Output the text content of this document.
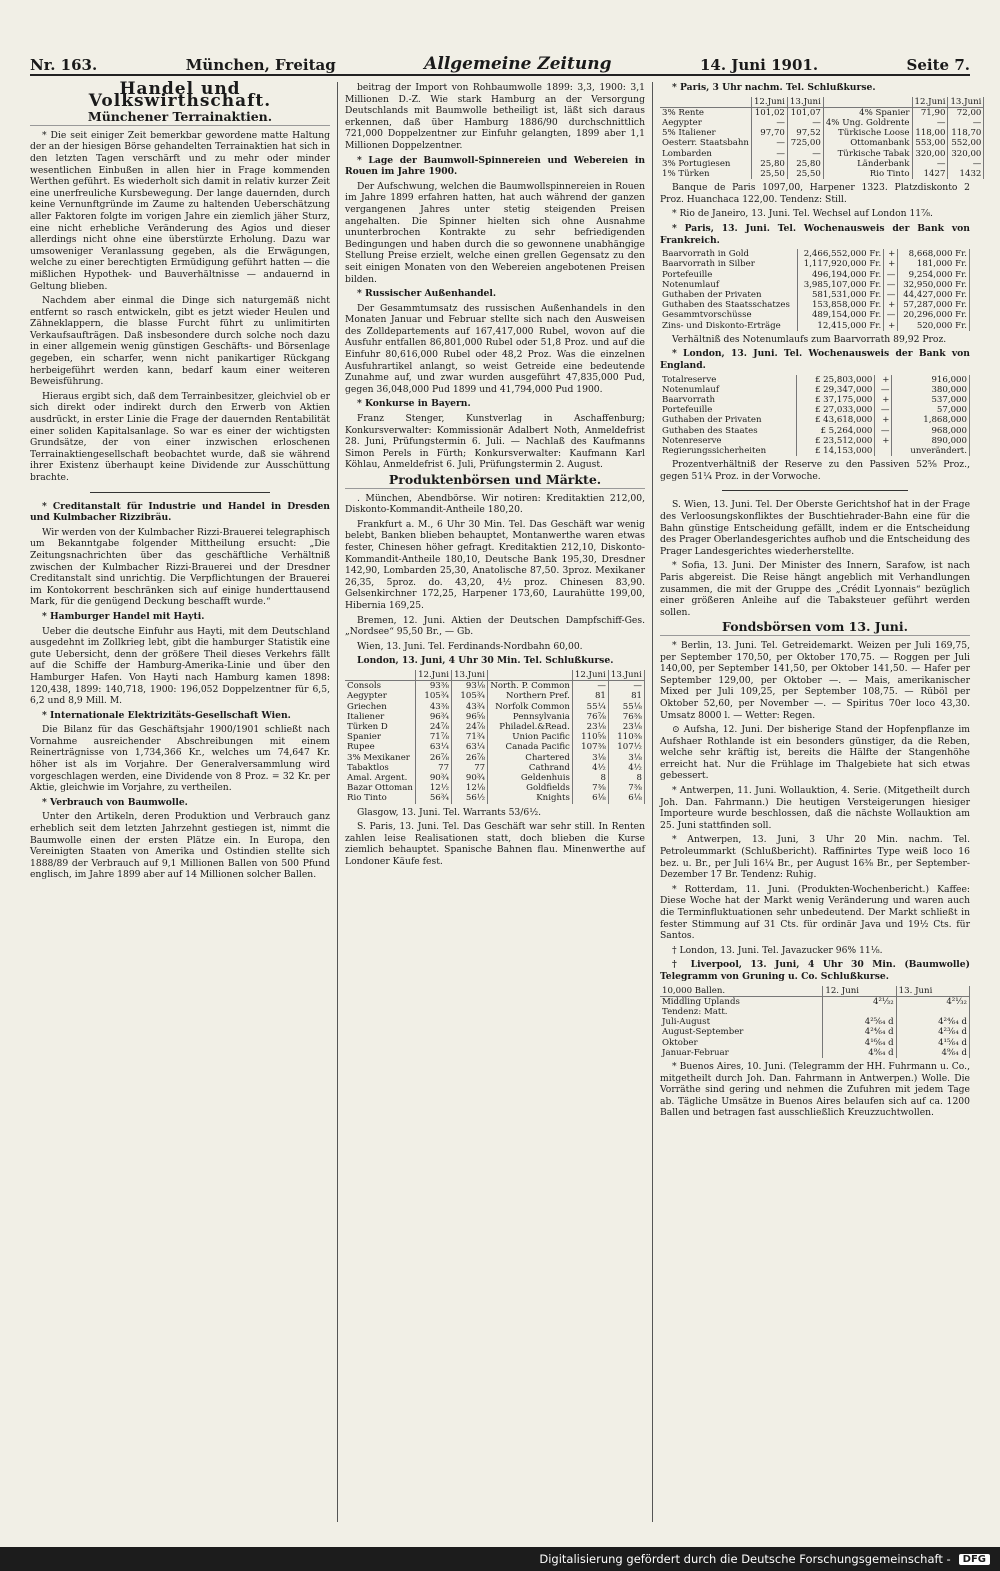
Nr. 163.	München, Freitag	Allgemeine Zeitung	14. Juni 1901.	Seite 7.
Handel und Volkswirthschaft.
Münchener Terrainaktien.

* Die seit einiger Zeit bemerkbar gewordene matte Haltung der an der hiesigen Börse gehandelten Terrainaktien hat sich in den letzten Tagen verschärft und zu mehr oder minder wesentlichen Einbußen in allen hier in Frage kommenden Werthen geführt. Es wiederholt sich damit in relativ kurzer Zeit eine unerfreuliche Kursbewegung. Der lange dauernden, durch keine Vernunftgründe im Zaume zu haltenden Ueberschätzung aller Faktoren folgte im vorigen Jahre ein ziemlich jäher Sturz, eine nicht erhebliche Veränderung des Agios und dieser allerdings nicht ohne eine überstürzte Erholung. Dazu war umsoweniger Veranlassung gegeben, als die Erwägungen, welche zu einer berechtigten Ermüdigung geführt hatten — die mißlichen Hypothek- und Bauverhältnisse — andauernd in Geltung blieben.

Nachdem aber einmal die Dinge sich naturgemäß nicht entfernt so rasch entwickeln, gibt es jetzt wieder Heulen und Zähneklappern, die blasse Furcht führt zu unlimitirten Verkaufsaufträgen. Daß insbesondere durch solche noch dazu in einer allgemein wenig günstigen Geschäfts- und Börsenlage gegeben, ein scharfer, wenn nicht panikartiger Rückgang herbeigeführt werden kann, bedarf kaum einer weiteren Beweisführung.

Hieraus ergibt sich, daß dem Terrainbesitzer, gleichviel ob er sich direkt oder indirekt durch den Erwerb von Aktien ausdrückt, in erster Linie die Frage der dauernden Rentabilität einer soliden Kapitalsanlage. So war es einer der wichtigsten Grundsätze, der von einer inzwischen erloschenen Terrainaktiengesellschaft beobachtet wurde, daß sie während ihrer Existenz überhaupt keine Dividende zur Ausschüttung brachte.

* Creditanstalt für Industrie und Handel in Dresden und Kulmbacher Rizzibräu.

Wir werden von der Kulmbacher Rizzi-Brauerei telegraphisch um Bekanntgabe folgender Mittheilung ersucht: „Die Zeitungsnachrichten über das geschäftliche Verhältniß zwischen der Kulmbacher Rizzi-Brauerei und der Dresdner Creditanstalt sind unrichtig. Die Verpflichtungen der Brauerei im Kontokorrent beschränken sich auf einige hunderttausend Mark, für die genügend Deckung beschafft wurde.“

* Hamburger Handel mit Hayti.

Ueber die deutsche Einfuhr aus Hayti, mit dem Deutschland ausgedehnt im Zollkrieg lebt, gibt die hamburger Statistik eine gute Uebersicht, denn der größere Theil dieses Verkehrs fällt auf die Schiffe der Hamburg-Amerika-Linie und über den Hamburger Hafen. Von Hayti nach Hamburg kamen 1898: 120,438, 1899: 140,718, 1900: 196,052 Doppelzentner für 6,5, 6,2 und 8,9 Mill. M.

* Internationale Elektrizitäts-Gesellschaft Wien.

Die Bilanz für das Geschäftsjahr 1900/1901 schließt nach Vornahme ausreichender Abschreibungen mit einem Reinerträgnisse von 1,734,366 Kr., welches um 74,647 Kr. höher ist als im Vorjahre. Der Generalversammlung wird vorgeschlagen werden, eine Dividende von 8 Proz. = 32 Kr. per Aktie, gleichwie im Vorjahre, zu vertheilen.

* Verbrauch von Baumwolle.

Unter den Artikeln, deren Produktion und Verbrauch ganz erheblich seit dem letzten Jahrzehnt gestiegen ist, nimmt die Baumwolle einen der ersten Plätze ein. In Europa, den Vereinigten Staaten von Amerika und Ostindien stellte sich 1888/89 der Verbrauch auf 9,1 Millionen Ballen von 500 Pfund englisch, im Jahre 1899 aber auf 14 Millionen solcher Ballen.

beitrag der Import von Rohbaumwolle 1899: 3,3, 1900: 3,1 Millionen D.-Z. Wie stark Hamburg an der Versorgung Deutschlands mit Baumwolle betheiligt ist, läßt sich daraus erkennen, daß über Hamburg 1886/90 durchschnittlich 721,000 Doppelzentner zur Einfuhr gelangten, 1899 aber 1,1 Millionen Doppelzentner.

* Lage der Baumwoll-Spinnereien und Webereien in Rouen im Jahre 1900.

Der Aufschwung, welchen die Baumwollspinnereien in Rouen im Jahre 1899 erfahren hatten, hat auch während der ganzen vergangenen Jahres unter stetig steigenden Preisen angehalten. Die Spinner hielten sich ohne Ausnahme ununterbrochen Kontrakte zu sehr befriedigenden Bedingungen und haben durch die so gewonnene unabhängige Stellung Preise erzielt, welche einen grellen Gegensatz zu den seit einigen Monaten von den Webereien angebotenen Preisen bilden.

* Russischer Außenhandel.

Der Gesammtumsatz des russischen Außenhandels in den Monaten Januar und Februar stellte sich nach den Ausweisen des Zolldepartements auf 167,417,000 Rubel, wovon auf die Ausfuhr entfallen 86,801,000 Rubel oder 51,8 Proz. und auf die Einfuhr 80,616,000 Rubel oder 48,2 Proz. Was die einzelnen Ausfuhrartikel anlangt, so weist Getreide eine bedeutende Zunahme auf, und zwar wurden ausgeführt 47,835,000 Pud, gegen 36,048,000 Pud 1899 und 41,794,000 Pud 1900.

* Konkurse in Bayern.

Franz Stenger, Kunstverlag in Aschaffenburg; Konkursverwalter: Kommissionär Adalbert Noth, Anmeldefrist 28. Juni, Prüfungstermin 6. Juli. — Nachlaß des Kaufmanns Simon Perels in Fürth; Konkursverwalter: Kaufmann Karl Köhlau, Anmeldefrist 6. Juli, Prüfungstermin 2. August.

Produktenbörsen und Märkte.

. München, Abendbörse. Wir notiren: Kreditaktien 212,00, Diskonto-Kommandit-Antheile 180,20.

Frankfurt a. M., 6 Uhr 30 Min. Tel. Das Geschäft war wenig belebt, Banken blieben behauptet, Montanwerthe waren etwas fester, Chinesen höher gefragt. Kreditaktien 212,10, Diskonto-Kommandit-Antheile 180,10, Deutsche Bank 195,30, Dresdner 142,90, Lombarden 25,30, Anatolische 87,50. 3proz. Mexikaner 26,35, 5proz. do. 43,20, 4½ proz. Chinesen 83,90. Gelsenkirchner 172,25, Harpener 173,60, Laurahütte 199,00, Hibernia 169,25.

Bremen, 12. Juni. Aktien der Deutschen Dampfschiff-Ges. „Nordsee“ 95,50 Br., — Gb.

Wien, 13. Juni. Tel. Ferdinands-Nordbahn 60,00.

London, 13. Juni, 4 Uhr 30 Min. Tel. Schlußkurse.

	12.Juni	13.Juni		12.Juni	13.Juni
Consols	93⅜	93⅛	North. P. Common	—	—
Aegypter	105¾	105¾	Northern Pref.	81	81
Griechen	43⅜	43¾	Norfolk Common	55¼	55⅛
Italiener	96¾	96⅝	Pennsylvania	76⅞	76⅜
Türken D	24⅞	24⅞	Philadel.&Read.	23⅛	23⅛
Spanier	71⅞	71¾	Union Pacific	110⅝	110⅜
Rupee	63¼	63¼	Canada Pacific	107⅜	107½
3% Mexikaner	26⅞	26⅞	Chartered	3⅛	3⅛
Tabaktlos	77	77	Cathrand	4½	4½
Amal. Argent.	90¾	90¾	Geldenhuis	8	8
Bazar Ottoman	12½	12⅛	Goldfields	7⅜	7⅜
Rio Tinto	56¾	56½	Knights	6⅛	6⅛

Glasgow, 13. Juni. Tel. Warrants 53/6½.

S. Paris, 13. Juni. Tel. Das Geschäft war sehr still. In Renten zahlen leise Realisationen statt, doch blieben die Kurse ziemlich behauptet. Spanische Bahnen flau. Minenwerthe auf Londoner Käufe fest.

* Paris, 3 Uhr nachm. Tel. Schlußkurse.

	12.Juni	13.Juni		12.Juni	13.Juni
3% Rente	101,02	101,07	4% Spanier	71,90	72,00
Aegypter	—	—	4% Ung. Goldrente	—	—
5% Italiener	97,70	97,52	Türkische Loose	118,00	118,70
Oesterr. Staatsbahn	—	725,00	Ottomanbank	553,00	552,00
Lombarden	—	—	Türkische Tabak	320,00	320,00
3% Portugiesen	25,80	25,80	Länderbank	—	—
1% Türken	25,50	25,50	Rio Tinto	1427	1432

Banque de Paris 1097,00, Harpener 1323. Platzdiskonto 2 Proz. Huanchaca 122,00. Tendenz: Still.

* Rio de Janeiro, 13. Juni. Tel. Wechsel auf London 11⅞.

* Paris, 13. Juni. Tel. Wochenausweis der Bank von Frankreich.

Baarvorrath in Gold	2,466,552,000 Fr.	+	8,668,000 Fr.
Baarvorrath in Silber	1,117,920,000 Fr.	+	181,000 Fr.
Portefeuille	496,194,000 Fr.	—	9,254,000 Fr.
Notenumlauf	3,985,107,000 Fr.	—	32,950,000 Fr.
Guthaben der Privaten	581,531,000 Fr.	—	44,427,000 Fr.
Guthaben des Staatsschatzes	153,858,000 Fr.	+	57,287,000 Fr.
Gesammtvorschüsse	489,154,000 Fr.	—	20,296,000 Fr.
Zins- und Diskonto-Erträge	12,415,000 Fr.	+	520,000 Fr.

Verhältniß des Notenumlaufs zum Baarvorrath 89,92 Proz.

* London, 13. Juni. Tel. Wochenausweis der Bank von England.

Totalreserve	£ 25,803,000	+	916,000
Notenumlauf	£ 29,347,000	—	380,000
Baarvorrath	£ 37,175,000	+	537,000
Portefeuille	£ 27,033,000	—	57,000
Guthaben der Privaten	£ 43,618,000	+	1,868,000
Guthaben des Staates	£ 5,264,000	—	968,000
Notenreserve	£ 23,512,000	+	890,000
Regierungssicherheiten	£ 14,153,000		unverändert.

Prozentverhältniß der Reserve zu den Passiven 52⅝ Proz., gegen 51¼ Proz. in der Vorwoche.

S. Wien, 13. Juni. Tel. Der Oberste Gerichtshof hat in der Frage des Verloosungskonfliktes der Buschtiehrader-Bahn eine für die Bahn günstige Entscheidung gefällt, indem er die Entscheidung des Prager Oberlandesgerichtes aufhob und die Entscheidung des Prager Landesgerichtes wiederherstellte.

* Sofia, 13. Juni. Der Minister des Innern, Sarafow, ist nach Paris abgereist. Die Reise hängt angeblich mit Verhandlungen zusammen, die mit der Gruppe des „Crédit Lyonnais“ bezüglich einer größeren Anleihe auf die Tabaksteuer geführt werden sollen.

Fondsbörsen vom 13. Juni.

* Berlin, 13. Juni. Tel. Getreidemarkt. Weizen per Juli 169,75, per September 170,50, per Oktober 170,75. — Roggen per Juli 140,00, per September 141,50, per Oktober 141,50. — Hafer per September 129,00, per Oktober —. — Mais, amerikanischer Mixed per Juli 109,25, per September 108,75. — Rüböl per Oktober 52,60, per November —. — Spiritus 70er loco 43,30. Umsatz 8000 l. — Wetter: Regen.

⊙ Aufsha, 12. Juni. Der bisherige Stand der Hopfenpflanze im Aufshaer Rothlande ist ein besonders günstiger, da die Reben, welche sehr kräftig ist, bereits die Hälfte der Stangenhöhe erreicht hat. Nur die Frühlage im Thalgebiete hat sich etwas gebessert.

* Antwerpen, 11. Juni. Wollauktion, 4. Serie. (Mitgetheilt durch Joh. Dan. Fahrmann.) Die heutigen Versteigerungen hiesiger Importeure wurde beschlossen, daß die nächste Wollauktion am 25. Juni stattfinden soll.

* Antwerpen, 13. Juni, 3 Uhr 20 Min. nachm. Tel. Petroleummarkt (Schlußbericht). Raffinirtes Type weiß loco 16 bez. u. Br., per Juli 16¼ Br., per August 16⅜ Br., per September-Dezember 17 Br. Tendenz: Ruhig.

* Rotterdam, 11. Juni. (Produkten-Wochenbericht.) Kaffee: Diese Woche hat der Markt wenig Veränderung und waren auch die Terminfluktuationen sehr unbedeutend. Der Markt schließt in fester Stimmung auf 31 Cts. für ordinär Java und 19½ Cts. für Santos.

† London, 13. Juni. Tel. Javazucker 96% 11⅛.

† Liverpool, 13. Juni, 4 Uhr 30 Min. (Baumwolle) Telegramm von Gruning u. Co. Schlußkurse.

10,000 Ballen.	12. Juni	13. Juni
Middling Uplands	4²¹⁄₃₂	4²¹⁄₃₂
Tendenz: Matt.		
Juli-August	4²⁵⁄₆₄ d	4²⁴⁄₆₄ d
August-September	4²⁴⁄₆₄ d	4²³⁄₆₄ d
Oktober	4¹⁶⁄₆₄ d	4¹⁵⁄₆₄ d
Januar-Februar	4⁹⁄₆₄ d	4⁹⁄₆₄ d

* Buenos Aires, 10. Juni. (Telegramm der HH. Fuhrmann u. Co., mitgetheilt durch Joh. Dan. Fahrmann in Antwerpen.) Wolle. Die Vorräthe sind gering und nehmen die Zufuhren mit jedem Tage ab. Tägliche Umsätze in Buenos Aires belaufen sich auf ca. 1200 Ballen und betragen fast ausschließlich Kreuzzuchtwollen.

Digitalisierung gefördert durch die Deutsche Forschungsgemeinschaft -	DFG
